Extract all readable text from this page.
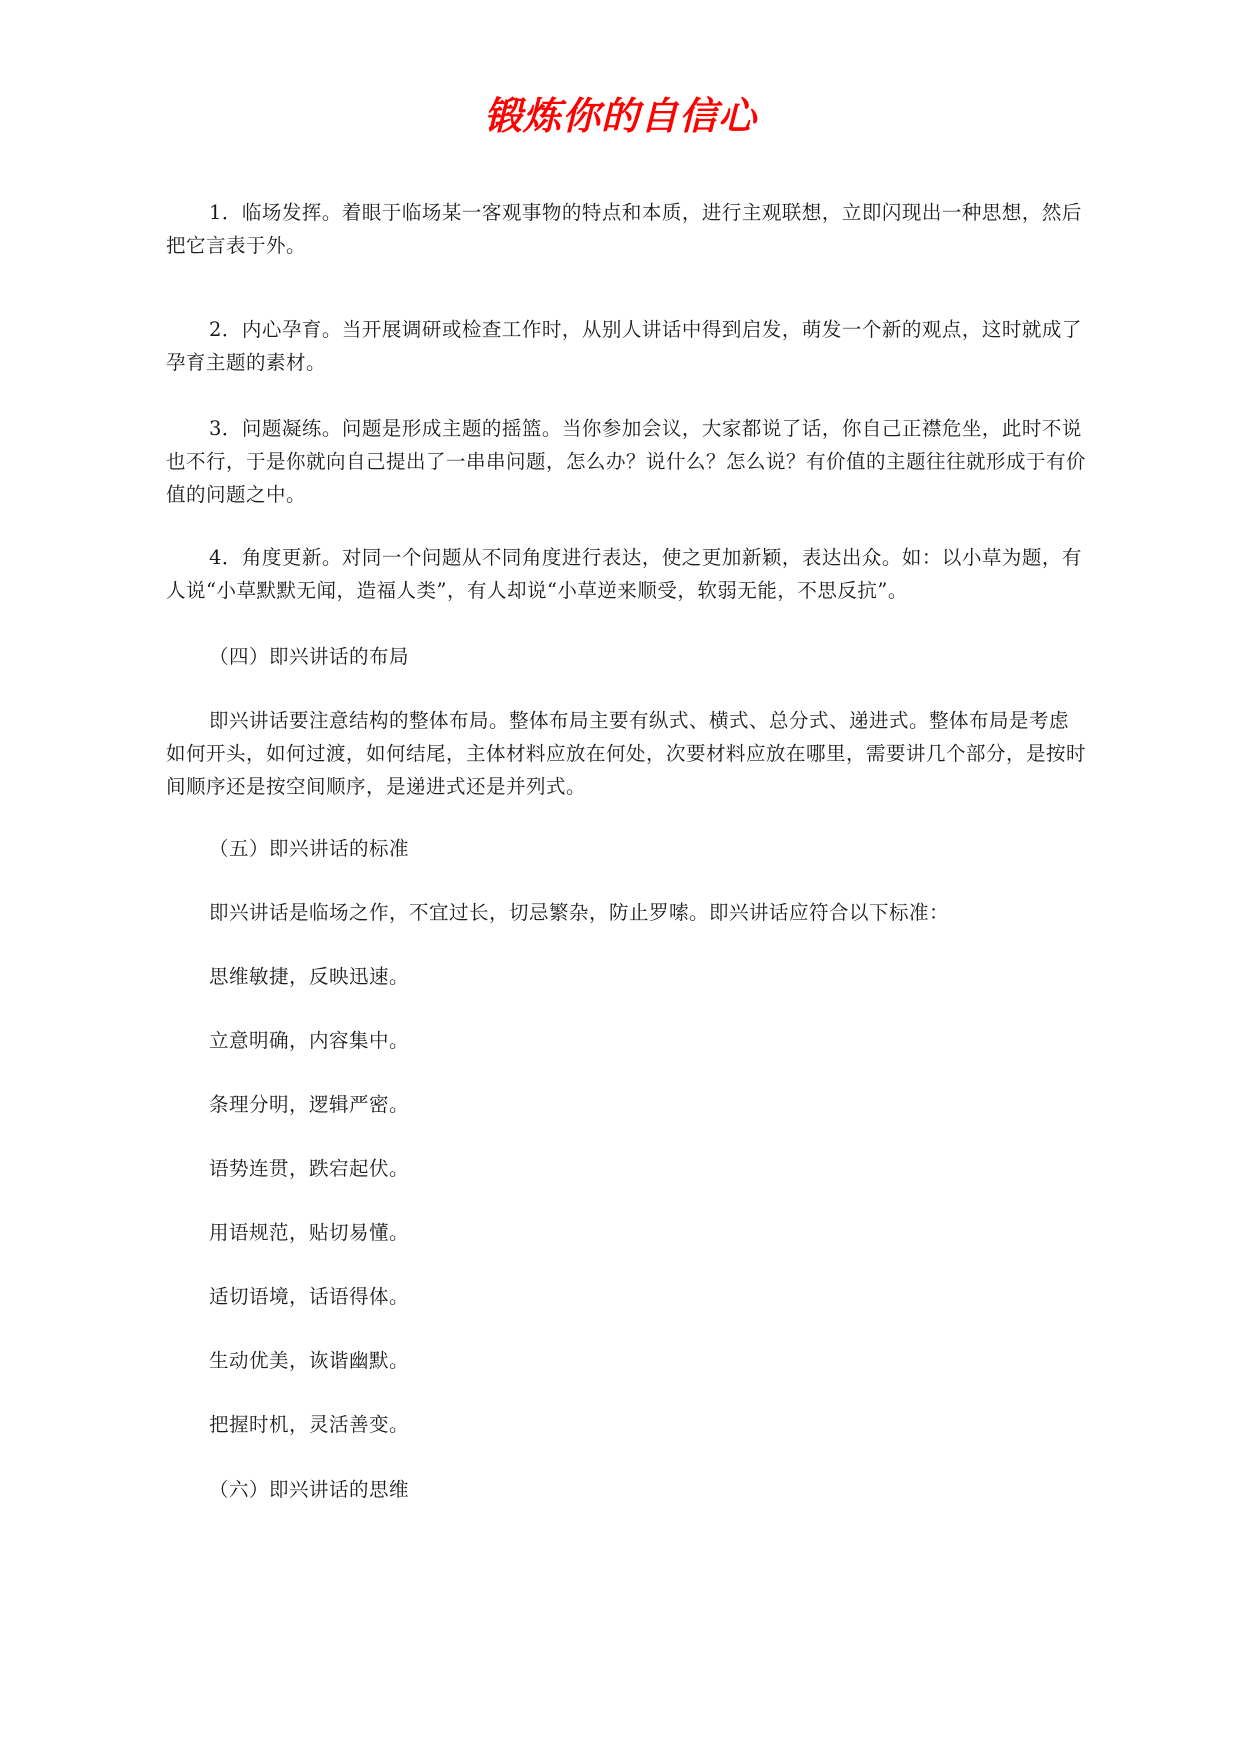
锻炼你的自信心

1．临场发挥。着眼于临场某一客观事物的特点和本质，进行主观联想，立即闪现出一种思想，然后把它言表于外。

2．内心孕育。当开展调研或检查工作时，从别人讲话中得到启发，萌发一个新的观点，这时就成了孕育主题的素材。

3．问题凝练。问题是形成主题的摇篮。当你参加会议，大家都说了话，你自己正襟危坐，此时不说也不行，于是你就向自己提出了一串串问题，怎么办？说什么？怎么说？有价值的主题往往就形成于有价值的问题之中。

4．角度更新。对同一个问题从不同角度进行表达，使之更加新颖，表达出众。如：以小草为题，有人说“小草默默无闻，造福人类”，有人却说“小草逆来顺受，软弱无能，不思反抗”。

（四）即兴讲话的布局

即兴讲话要注意结构的整体布局。整体布局主要有纵式、横式、总分式、递进式。整体布局是考虑如何开头，如何过渡，如何结尾，主体材料应放在何处，次要材料应放在哪里，需要讲几个部分，是按时间顺序还是按空间顺序，是递进式还是并列式。

（五）即兴讲话的标准
即兴讲话是临场之作，不宜过长，切忌繁杂，防止罗嗦。即兴讲话应符合以下标准：
思维敏捷，反映迅速。
立意明确，内容集中。
条理分明，逻辑严密。
语势连贯，跌宕起伏。
用语规范，贴切易懂。
适切语境，话语得体。
生动优美，诙谐幽默。
把握时机，灵活善变。
（六）即兴讲话的思维
